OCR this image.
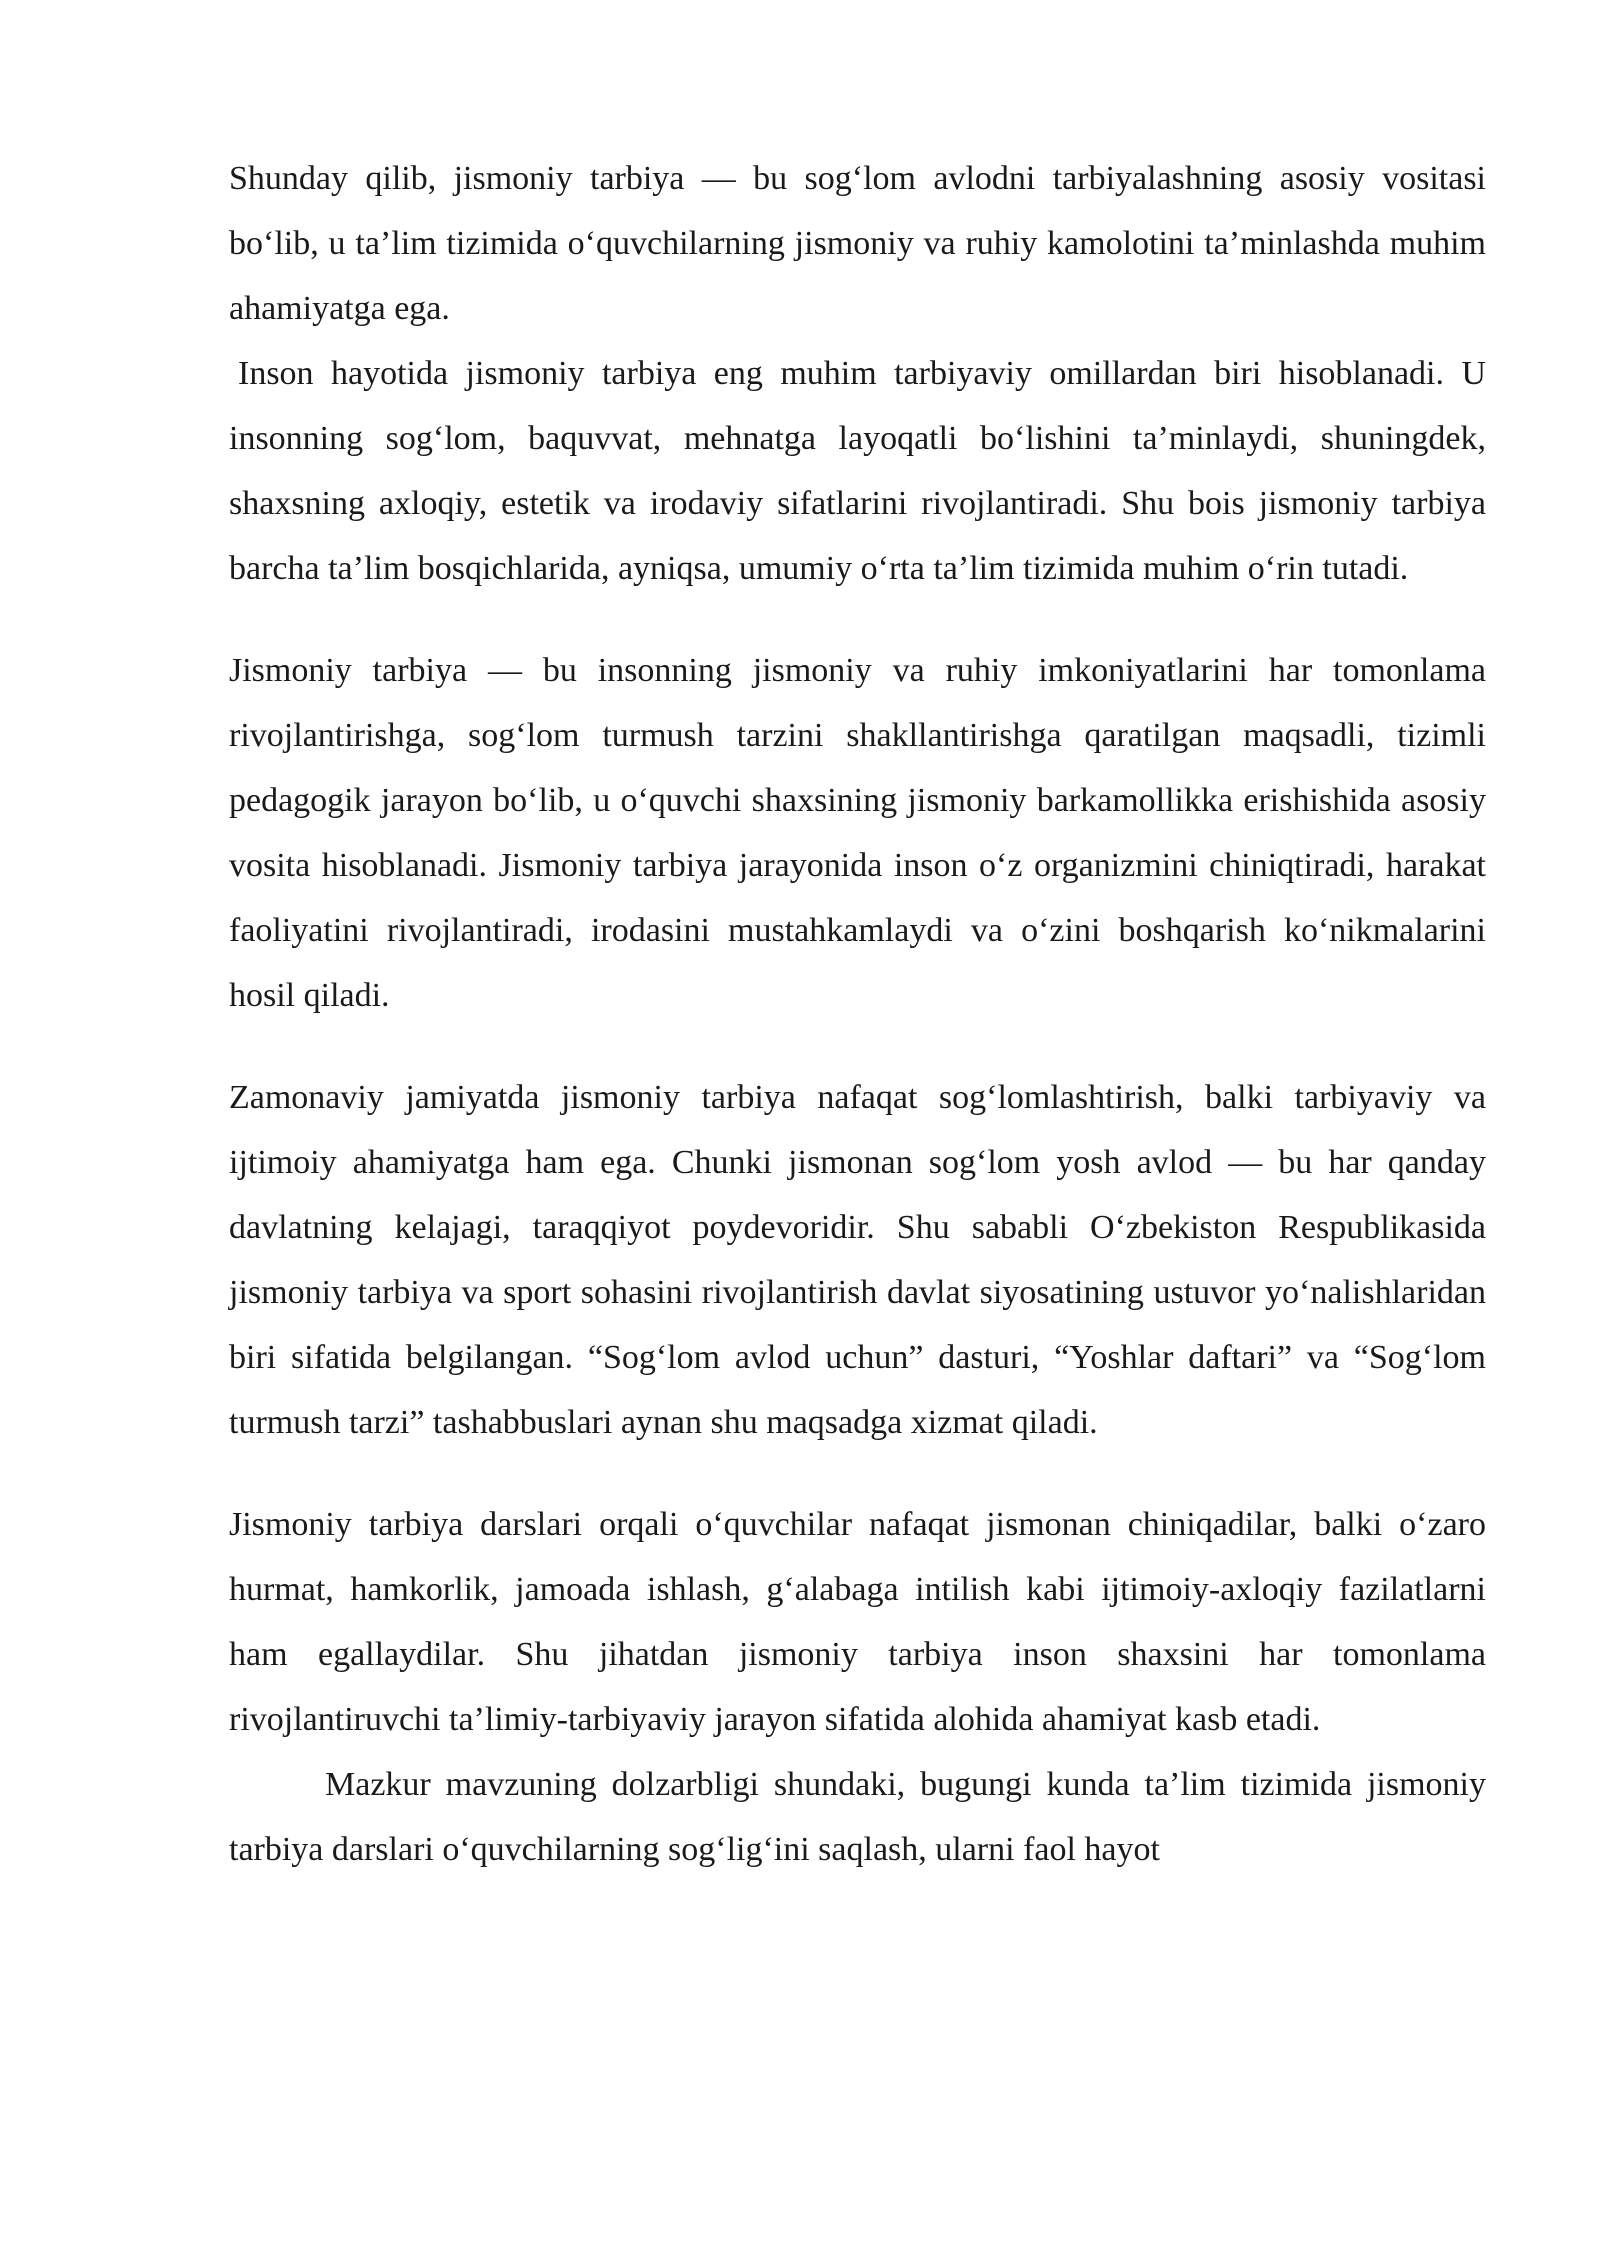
Shunday qilib, jismoniy tarbiya — bu sog‘lom avlodni tarbiyalashning asosiy vositasi bo‘lib, u ta’lim tizimida o‘quvchilarning jismoniy va ruhiy kamolotini ta’minlashda muhim ahamiyatga ega.

Inson hayotida jismoniy tarbiya eng muhim tarbiyaviy omillardan biri hisoblanadi. U insonning sog‘lom, baquvvat, mehnatga layoqatli bo‘lishini ta’minlaydi, shuningdek, shaxsning axloqiy, estetik va irodaviy sifatlarini rivojlantiradi. Shu bois jismoniy tarbiya barcha ta’lim bosqichlarida, ayniqsa, umumiy o‘rta ta’lim tizimida muhim o‘rin tutadi.

Jismoniy tarbiya — bu insonning jismoniy va ruhiy imkoniyatlarini har tomonlama rivojlantirishga, sog‘lom turmush tarzini shakllantirishga qaratilgan maqsadli, tizimli pedagogik jarayon bo‘lib, u o‘quvchi shaxsining jismoniy barkamollikka erishishida asosiy vosita hisoblanadi. Jismoniy tarbiya jarayonida inson o‘z organizmini chiniqtiradi, harakat faoliyatini rivojlantiradi, irodasini mustahkamlaydi va o‘zini boshqarish ko‘nikmalarini hosil qiladi.

Zamonaviy jamiyatda jismoniy tarbiya nafaqat sog‘lomlashtirish, balki tarbiyaviy va ijtimoiy ahamiyatga ham ega. Chunki jismonan sog‘lom yosh avlod — bu har qanday davlatning kelajagi, taraqqiyot poydevoridir. Shu sababli O‘zbekiston Respublikasida jismoniy tarbiya va sport sohasini rivojlantirish davlat siyosatining ustuvor yo‘nalishlaridan biri sifatida belgilangan. “Sog‘lom avlod uchun” dasturi, “Yoshlar daftari” va “Sog‘lom turmush tarzi” tashabbuslari aynan shu maqsadga xizmat qiladi.

Jismoniy tarbiya darslari orqali o‘quvchilar nafaqat jismonan chiniqadilar, balki o‘zaro hurmat, hamkorlik, jamoada ishlash, g‘alabaga intilish kabi ijtimoiy-axloqiy fazilatlarni ham egallaydilar. Shu jihatdan jismoniy tarbiya inson shaxsini har tomonlama rivojlantiruvchi ta’limiy-tarbiyaviy jarayon sifatida alohida ahamiyat kasb etadi.

Mazkur mavzuning dolzarbligi shundaki, bugungi kunda ta’lim tizimida jismoniy tarbiya darslari o‘quvchilarning sog‘lig‘ini saqlash, ularni faol hayot
